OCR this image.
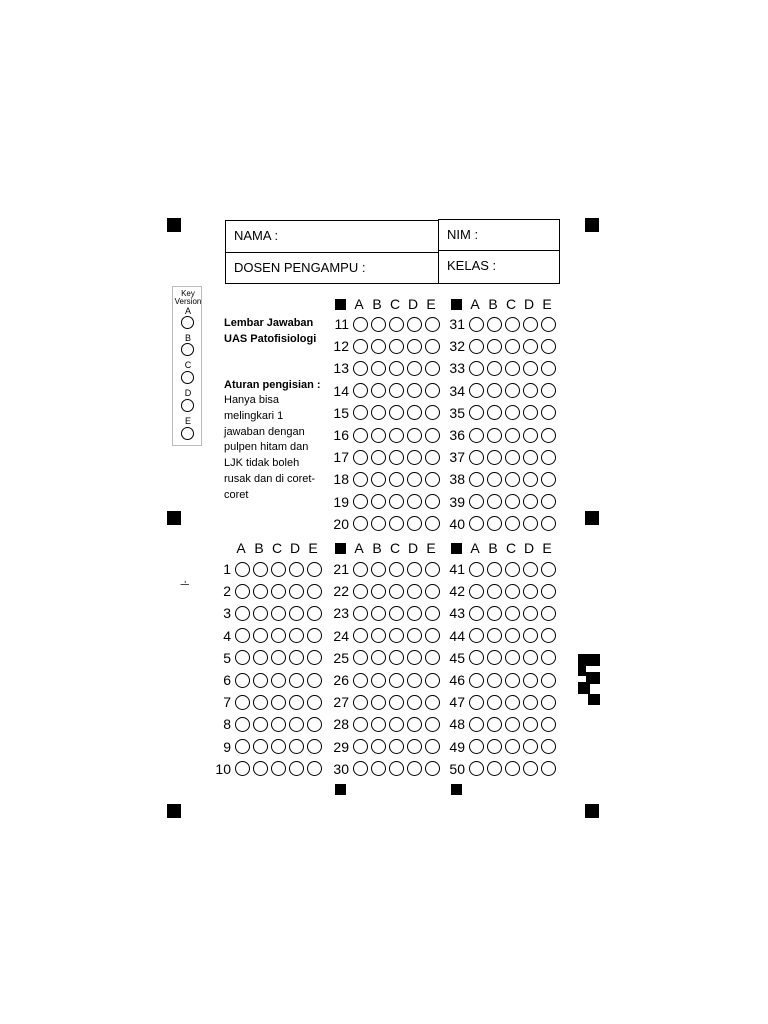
NAMA :	NIM :
DOSEN PENGAMPU :	KELAS :
Key
Version
A
B
C
D
E
Lembar Jawaban
UAS Patofisiologi
Aturan pengisian :
Hanya bisa melingkari 1 jawaban dengan pulpen hitam dan LJK tidak boleh rusak dan di coret-coret
-|
A B C D E
11
12
13
14
15
16
17
18
19
20
A B C D E
31
32
33
34
35
36
37
38
39
40
A B C D E
1
2
3
4
5
6
7
8
9
10
A B C D E
21
22
23
24
25
26
27
28
29
30
A B C D E
41
42
43
44
45
46
47
48
49
50
